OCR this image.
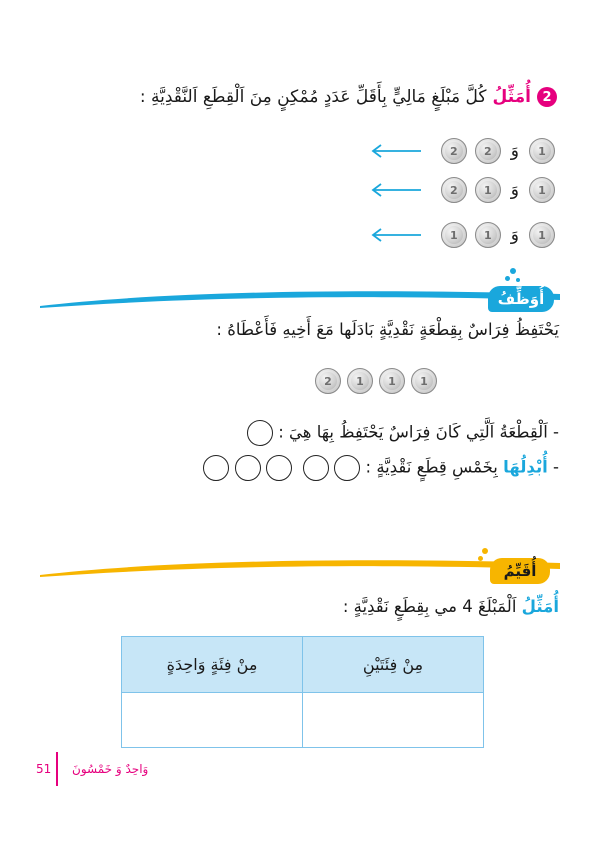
2
أُمَثِّلُ
كُلَّ مَبْلَغٍ مَالِيٍّ بِأَقَلِّ عَدَدٍ مُمْكِنٍ مِنَ اَلْقِطَعِ اَلنَّقْدِيَّةِ :
1
وَ
2
2
1
وَ
1
2
1
وَ
1
1
أُوَظِّفُ
يَحْتَفِظُ فِرَاسٌ بِقِطْعَةٍ نَقْدِيَّةٍ بَادَلَها مَعَ أَخِيهِ فَأَعْطَاهُ :
1
1
1
2
- اَلْقِطْعَةُ اَلَّتِي كَانَ فِرَاسٌ يَحْتَفِظُ بِهَا هِيَ :
- أُبْدِلُهَا بِخَمْسِ قِطَعٍ نَقْدِيَّةٍ :
أُقَيِّمُ
أُمَثِّلُ اَلْمَبْلَغَ 4 مي بِقِطَعٍ نَقْدِيَّةٍ :
مِنْ فِئَتَيْنِ	مِنْ فِئَةٍ وَاحِدَةٍ

وَاحِدٌ وَ خَمْسُونَ
51
